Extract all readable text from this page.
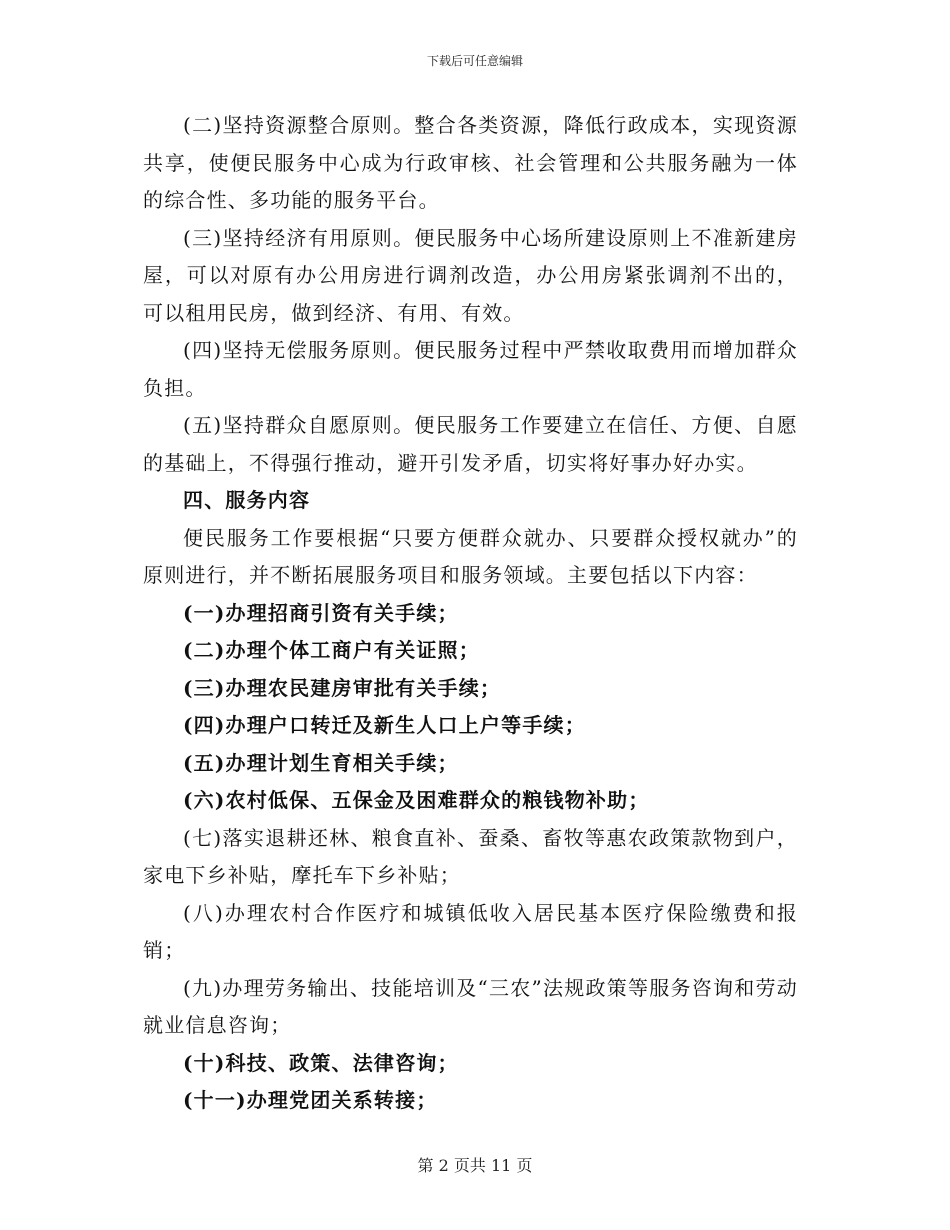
下载后可任意编辑

(二)坚持资源整合原则。整合各类资源，降低行政成本，实现资源共享，使便民服务中心成为行政审核、社会管理和公共服务融为一体的综合性、多功能的服务平台。

(三)坚持经济有用原则。便民服务中心场所建设原则上不准新建房屋，可以对原有办公用房进行调剂改造，办公用房紧张调剂不出的，可以租用民房，做到经济、有用、有效。

(四)坚持无偿服务原则。便民服务过程中严禁收取费用而增加群众负担。

(五)坚持群众自愿原则。便民服务工作要建立在信任、方便、自愿的基础上，不得强行推动，避开引发矛盾，切实将好事办好办实。

四、服务内容

便民服务工作要根据“只要方便群众就办、只要群众授权就办”的原则进行，并不断拓展服务项目和服务领域。主要包括以下内容：

(一)办理招商引资有关手续；

(二)办理个体工商户有关证照；

(三)办理农民建房审批有关手续；

(四)办理户口转迁及新生人口上户等手续；

(五)办理计划生育相关手续；

(六)农村低保、五保金及困难群众的粮钱物补助；

(七)落实退耕还林、粮食直补、蚕桑、畜牧等惠农政策款物到户，家电下乡补贴，摩托车下乡补贴；

(八)办理农村合作医疗和城镇低收入居民基本医疗保险缴费和报销；

(九)办理劳务输出、技能培训及“三农”法规政策等服务咨询和劳动就业信息咨询；

(十)科技、政策、法律咨询；

(十一)办理党团关系转接；

第 2 页共 11 页
